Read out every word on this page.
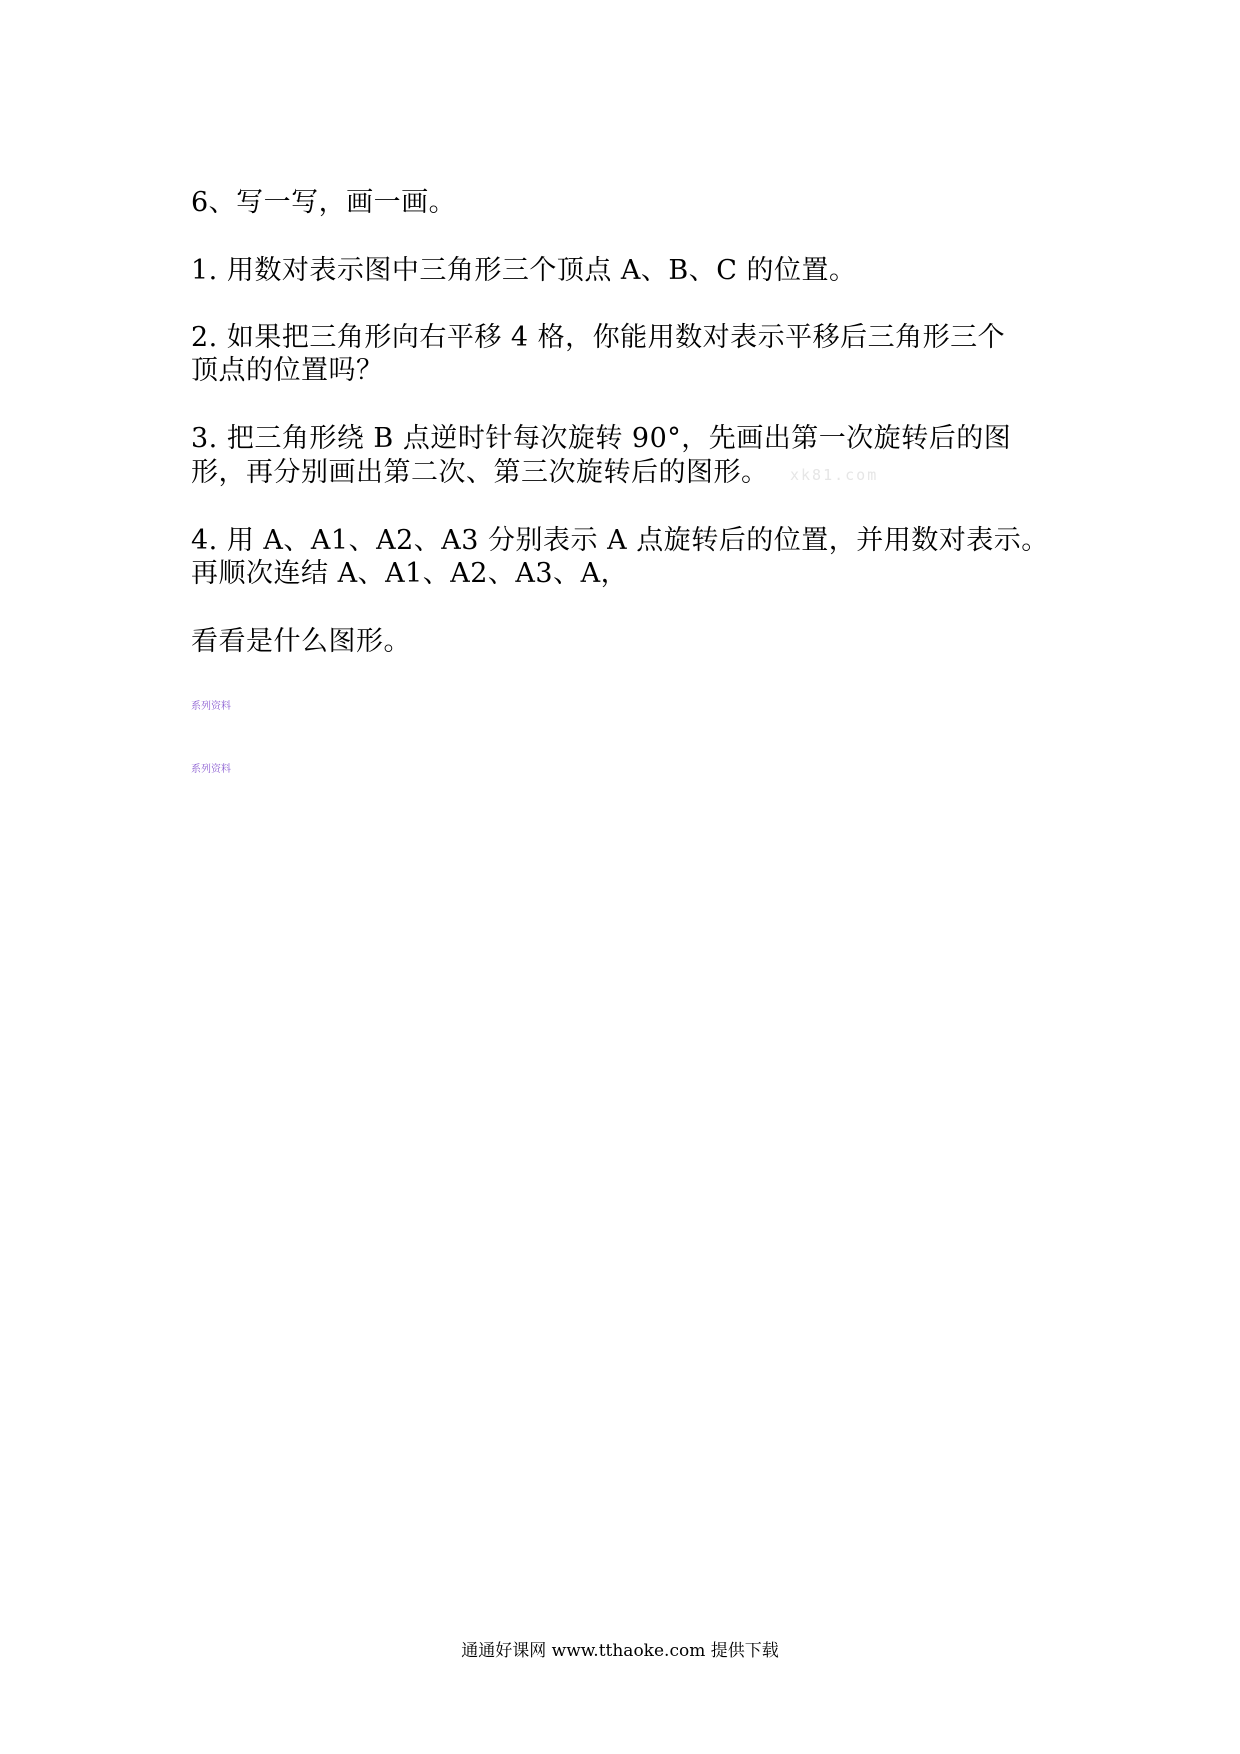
6、写一写，画一画。
1. 用数对表示图中三角形三个顶点 A、B、C 的位置。
2. 如果把三角形向右平移 4 格，你能用数对表示平移后三角形三个
顶点的位置吗？
3. 把三角形绕 B 点逆时针每次旋转 90°，先画出第一次旋转后的图
形，再分别画出第二次、第三次旋转后的图形。	xk81.com
4. 用 A、A1、A2、A3 分别表示 A 点旋转后的位置，并用数对表示。
再顺次连结 A、A1、A2、A3、A，
看看是什么图形。
系列资料
系列资料
通通好课网 www.tthaoke.com 提供下载
